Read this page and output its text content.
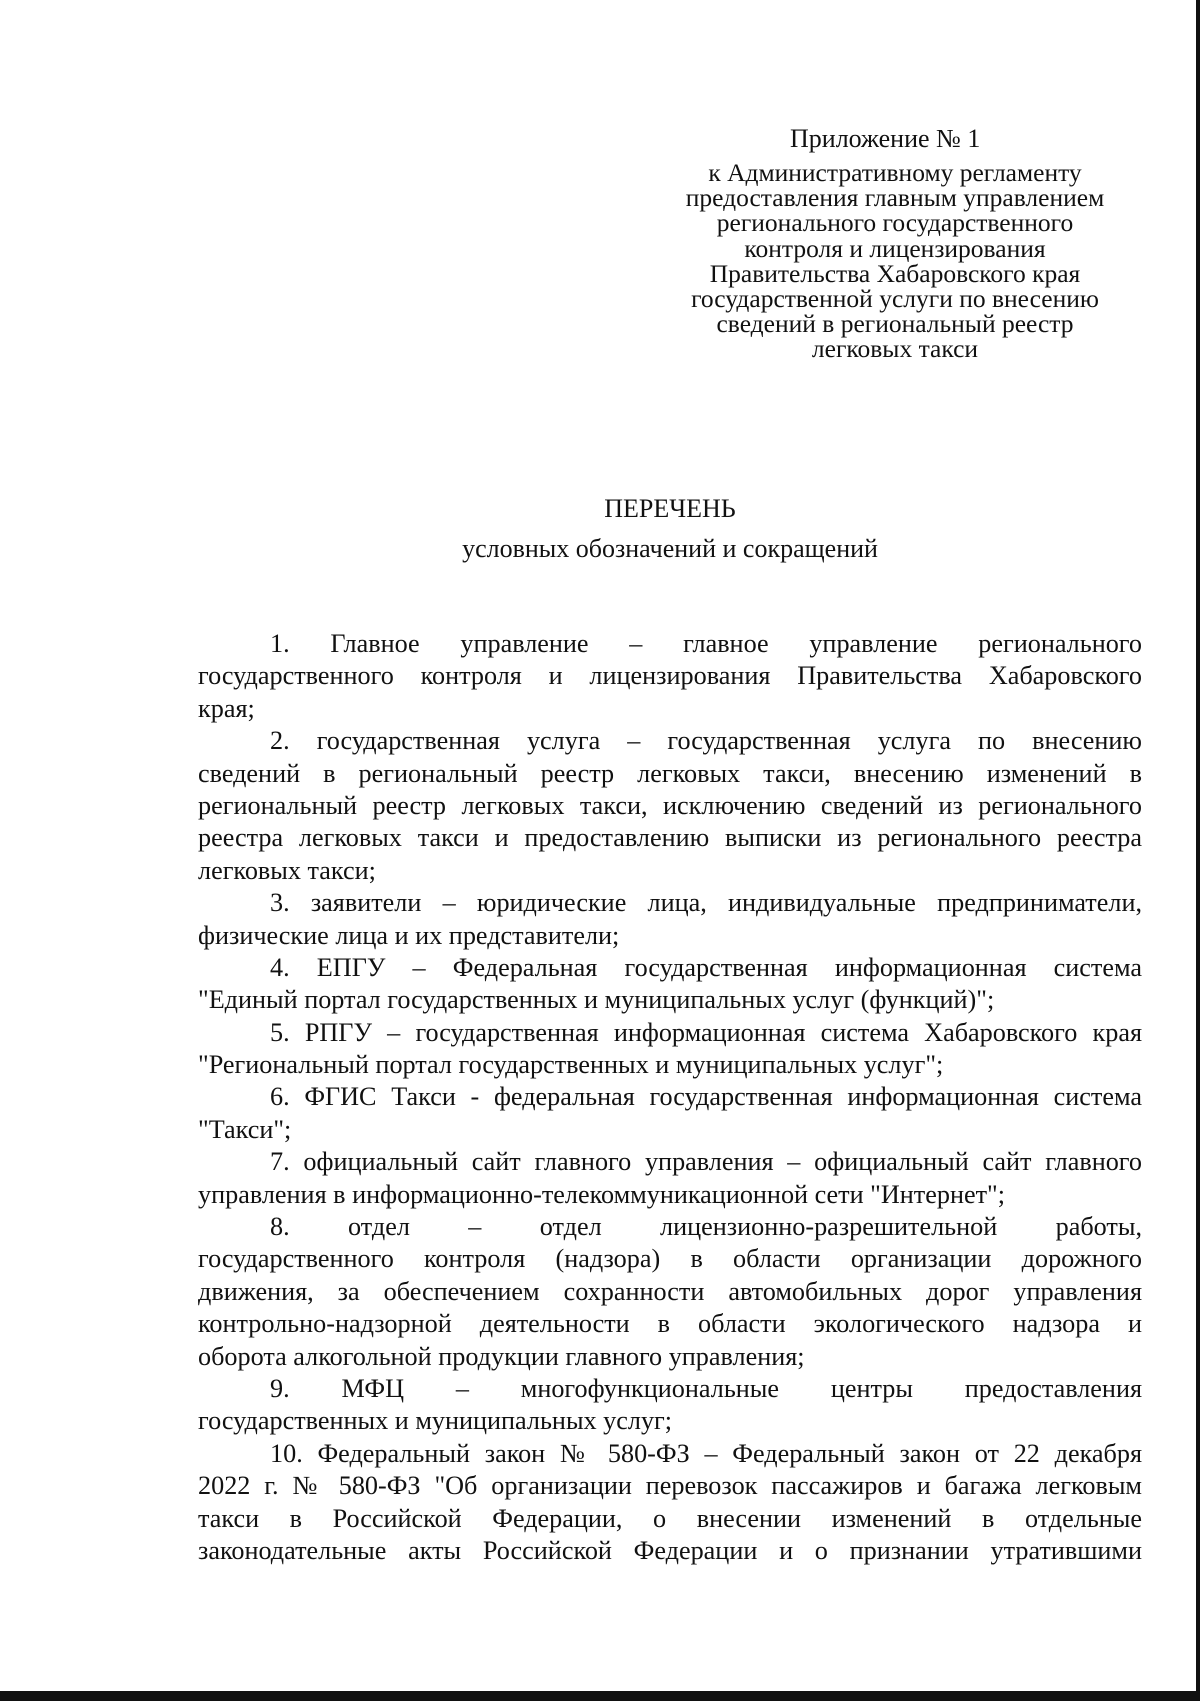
Приложение № 1
к Административному регламенту
предоставления главным управлением
регионального государственного
контроля и лицензирования
Правительства Хабаровского края
государственной услуги по внесению
сведений в региональный реестр
легковых такси
ПЕРЕЧЕНЬ
условных обозначений и сокращений
1. Главное управление – главное управление регионального
государственного контроля и лицензирования Правительства Хабаровского
края;
2. государственная услуга – государственная услуга по внесению
сведений в региональный реестр легковых такси, внесению изменений в
региональный реестр легковых такси, исключению сведений из регионального
реестра легковых такси и предоставлению выписки из регионального реестра
легковых такси;
3. заявители – юридические лица, индивидуальные предприниматели,
физические лица и их представители;
4. ЕПГУ – Федеральная государственная информационная система
"Единый портал государственных и муниципальных услуг (функций)";
5. РПГУ – государственная информационная система Хабаровского края
"Региональный портал государственных и муниципальных услуг";
6. ФГИС Такси - федеральная государственная информационная система
"Такси";
7. официальный сайт главного управления – официальный сайт главного
управления в информационно-телекоммуникационной сети "Интернет";
8. отдел – отдел лицензионно-разрешительной работы,
государственного контроля (надзора) в области организации дорожного
движения, за обеспечением сохранности автомобильных дорог управления
контрольно-надзорной деятельности в области экологического надзора и
оборота алкогольной продукции главного управления;
9. МФЦ – многофункциональные центры предоставления
государственных и муниципальных услуг;
10. Федеральный закон № 580-ФЗ – Федеральный закон от 22 декабря
2022 г. № 580-ФЗ "Об организации перевозок пассажиров и багажа легковым
такси в Российской Федерации, о внесении изменений в отдельные
законодательные акты Российской Федерации и о признании утратившими
